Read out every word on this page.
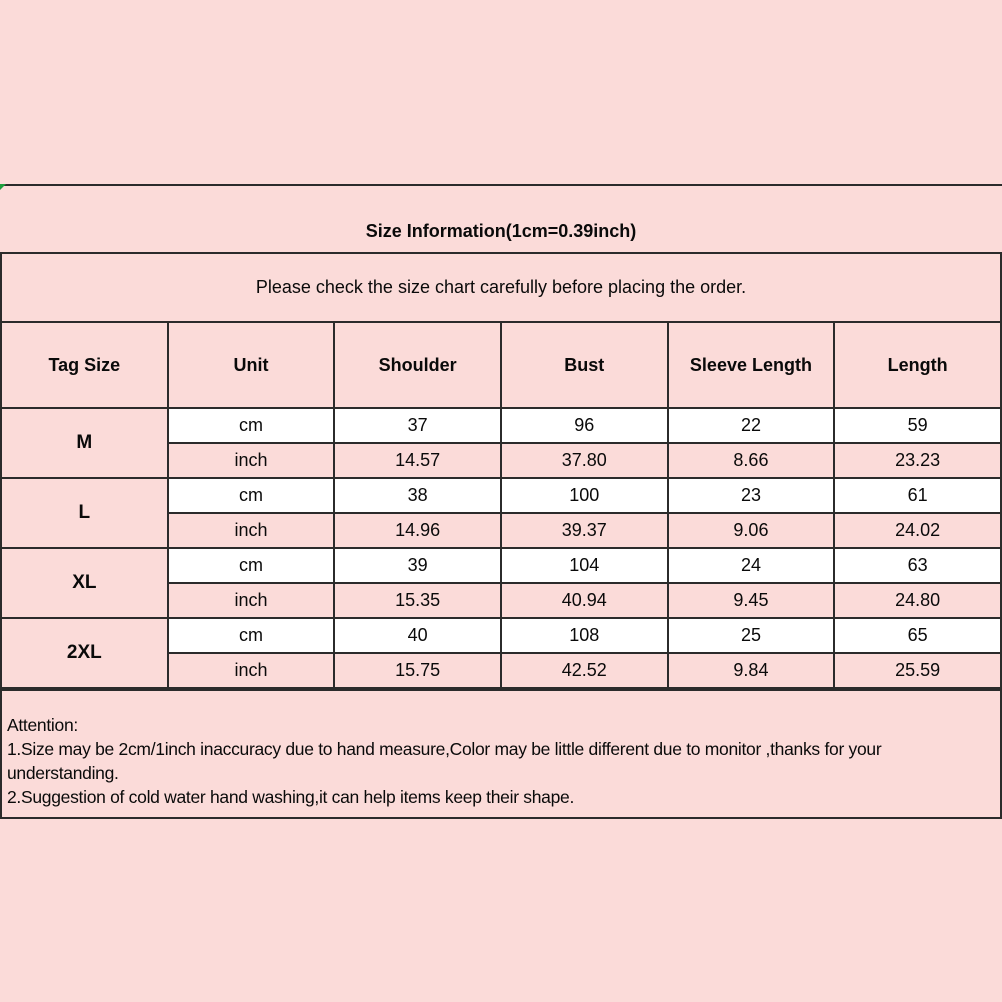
Size Information(1cm=0.39inch)
Please check the size chart carefully before placing the order.
Tag Size	Unit	Shoulder	Bust	Sleeve Length	Length
M	cm	37	96	22	59
	inch	14.57	37.80	8.66	23.23
L	cm	38	100	23	61
	inch	14.96	39.37	9.06	24.02
XL	cm	39	104	24	63
	inch	15.35	40.94	9.45	24.80
2XL	cm	40	108	25	65
	inch	15.75	42.52	9.84	25.59
Attention:
1.Size may be 2cm/1inch inaccuracy due to hand measure,Color may be little different due to monitor ,thanks for your
understanding.
2.Suggestion of cold water hand washing,it can help items keep their shape.
